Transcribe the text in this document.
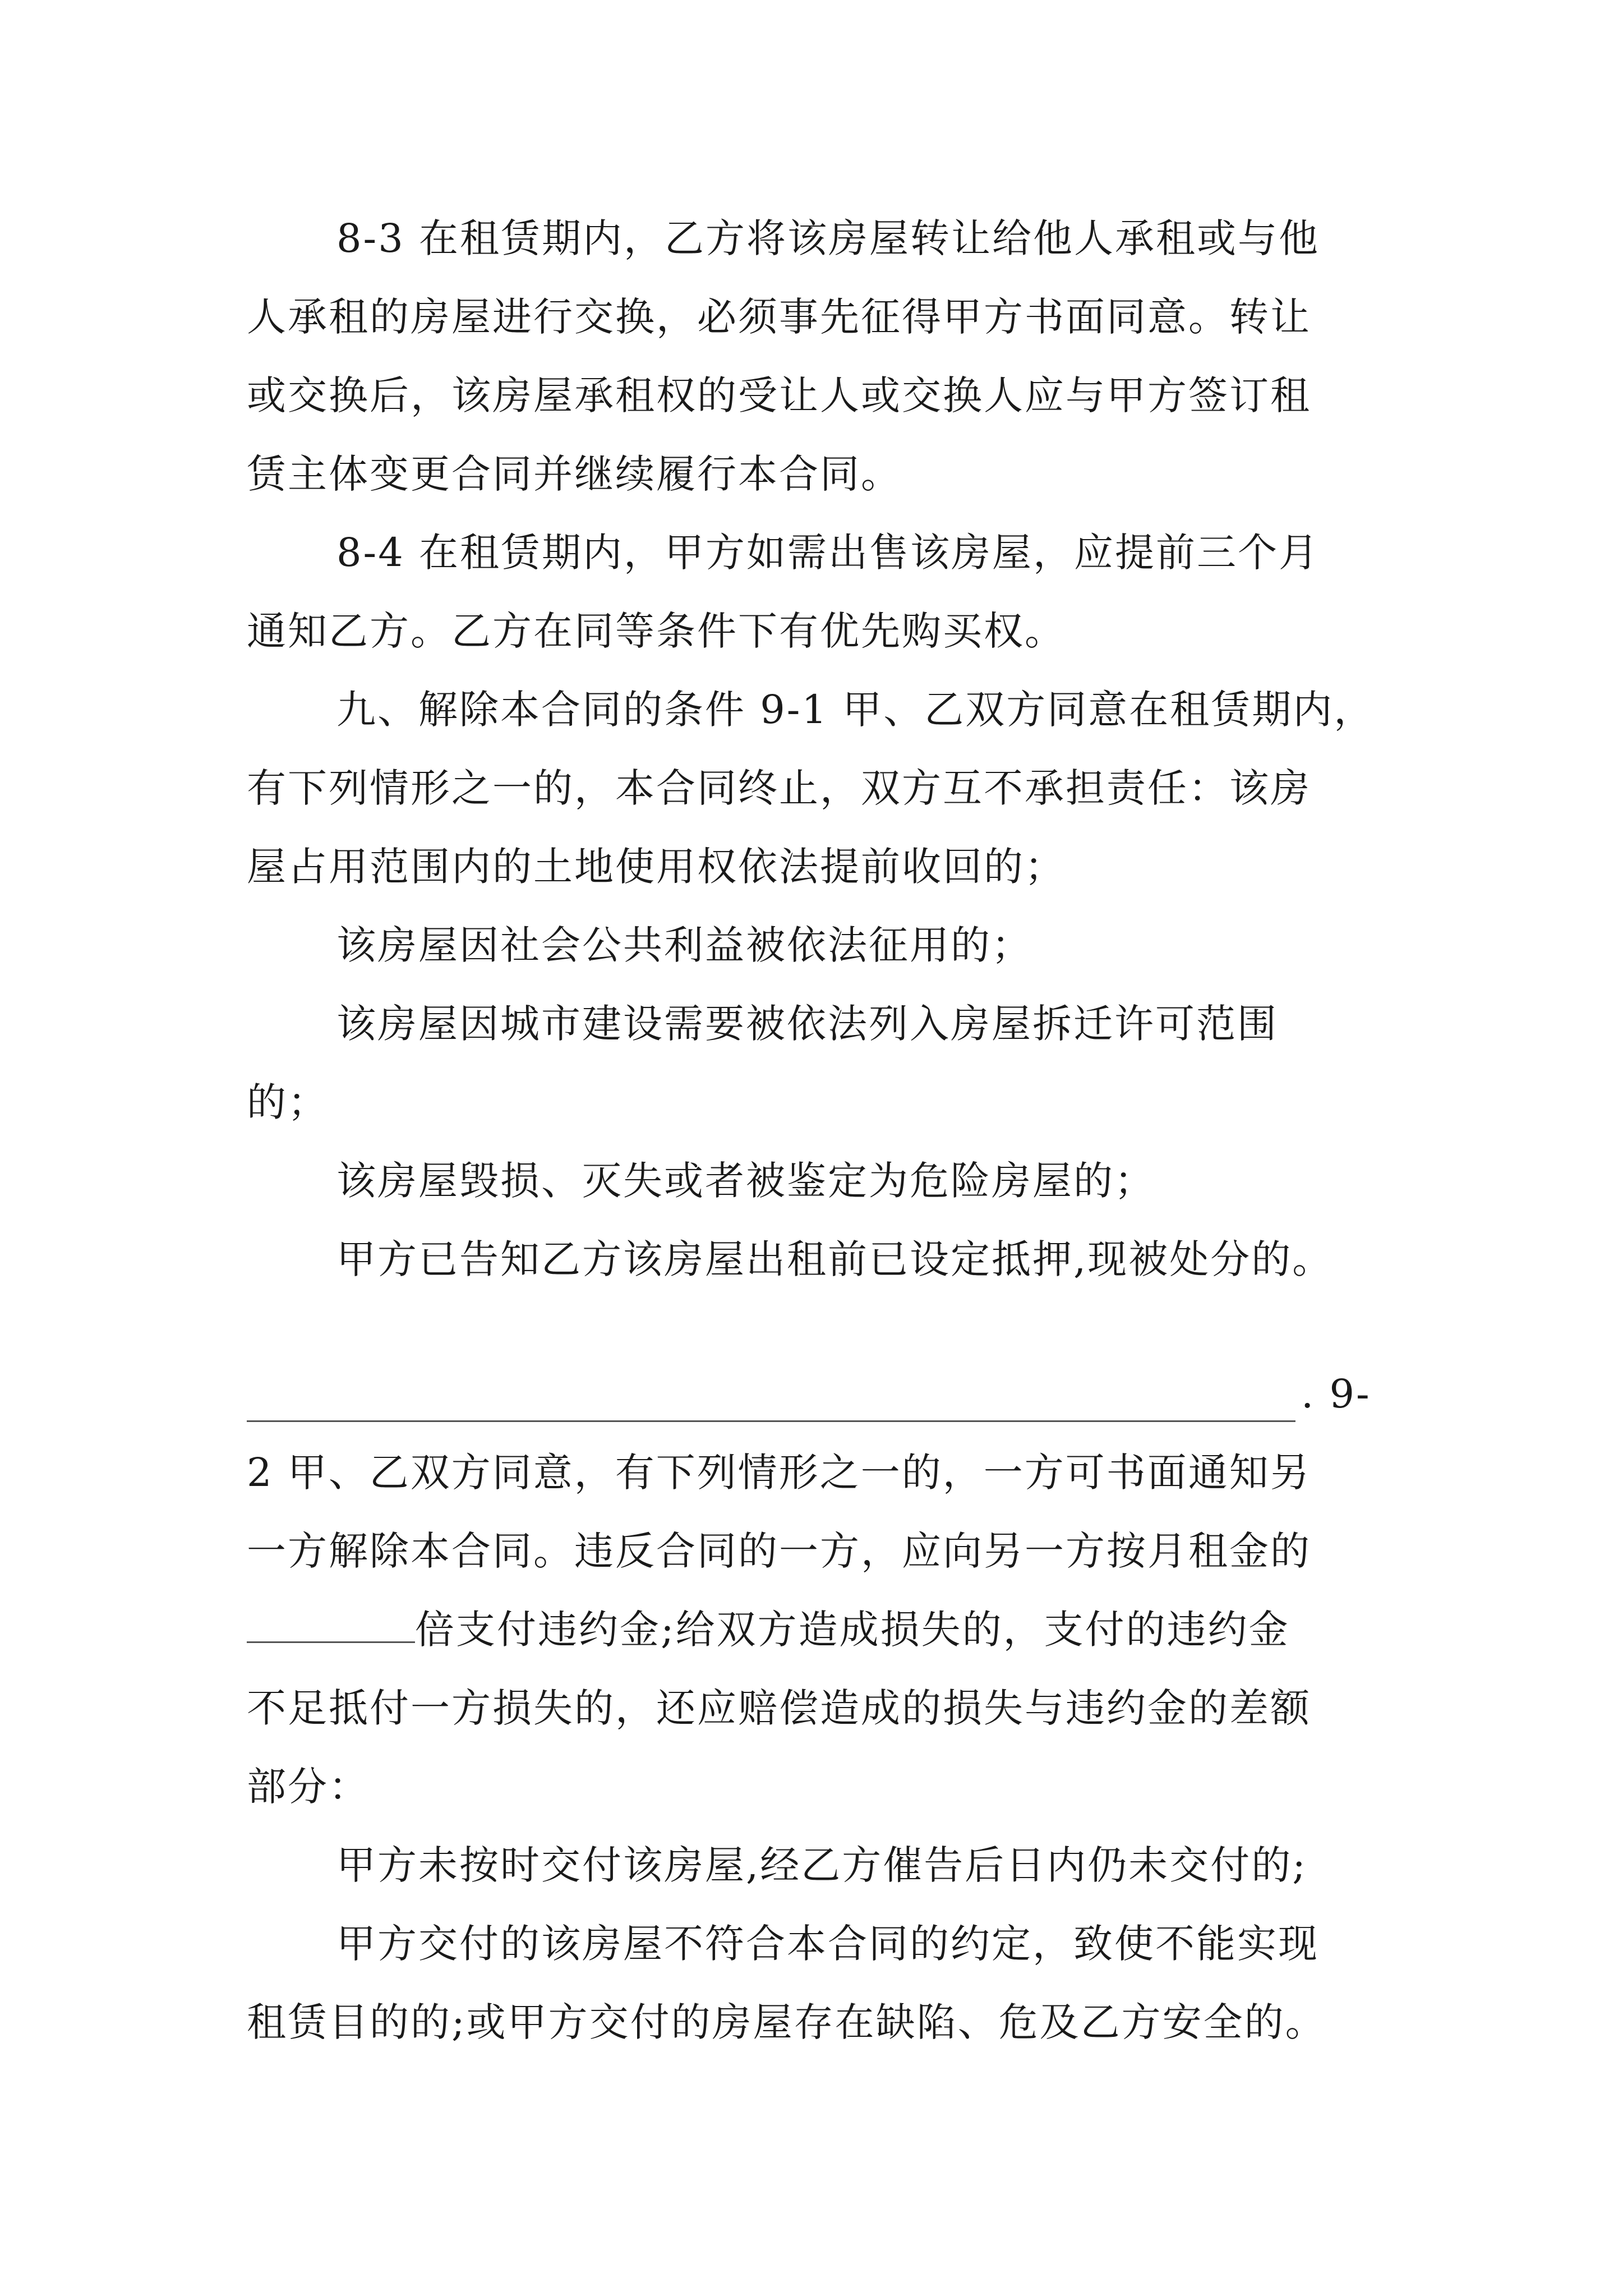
8-3 在租赁期内，乙方将该房屋转让给他人承租或与他
人承租的房屋进行交换，必须事先征得甲方书面同意。转让
或交换后，该房屋承租权的受让人或交换人应与甲方签订租
赁主体变更合同并继续履行本合同。
8-4 在租赁期内，甲方如需出售该房屋，应提前三个月
通知乙方。乙方在同等条件下有优先购买权。
九、解除本合同的条件 9-1 甲、乙双方同意在租赁期内，
有下列情形之一的，本合同终止，双方互不承担责任：该房
屋占用范围内的土地使用权依法提前收回的；
该房屋因社会公共利益被依法征用的；
该房屋因城市建设需要被依法列入房屋拆迁许可范围
的；
该房屋毁损、灭失或者被鉴定为危险房屋的；
甲方已告知乙方该房屋出租前已设定抵押,现被处分的。
. 9-
2 甲、乙双方同意，有下列情形之一的，一方可书面通知另
一方解除本合同。违反合同的一方，应向另一方按月租金的
倍支付违约金;给双方造成损失的，支付的违约金
不足抵付一方损失的，还应赔偿造成的损失与违约金的差额
部分：
甲方未按时交付该房屋,经乙方催告后日内仍未交付的;
甲方交付的该房屋不符合本合同的约定，致使不能实现
租赁目的的;或甲方交付的房屋存在缺陷、危及乙方安全的。
